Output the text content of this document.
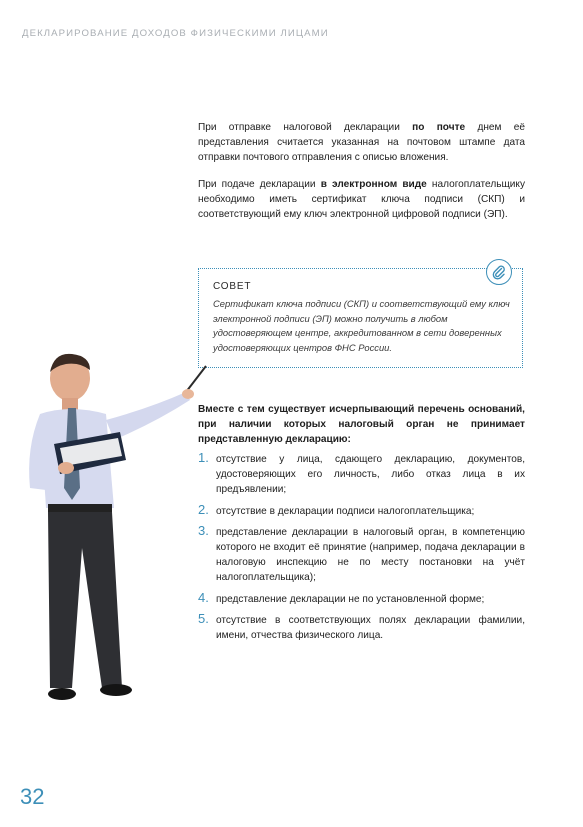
ДЕКЛАРИРОВАНИЕ ДОХОДОВ ФИЗИЧЕСКИМИ ЛИЦАМИ
При отправке налоговой декларации по почте днем её представления считается указанная на почтовом штампе дата отправки почтового отправления с описью вложения.
При подаче декларации в электронном виде налогоплательщику необходимо иметь сертификат ключа подписи (СКП) и соответствующий ему ключ электронной цифровой подписи (ЭП).
СОВЕТ
Сертификат ключа подписи (СКП) и соответствующий ему ключ электронной подписи (ЭП) можно получить в любом удостоверяющем центре, аккредитованном в сети доверенных удостоверяющих центров ФНС России.
Вместе с тем существует исчерпывающий перечень оснований, при наличии которых налоговый орган не принимает представленную декларацию:
1. отсутствие у лица, сдающего декларацию, документов, удостоверяющих его личность, либо отказ лица в их предъявлении;
2. отсутствие в декларации подписи налогоплательщика;
3. представление декларации в налоговый орган, в компетенцию которого не входит её принятие (например, подача декларации в налоговую инспекцию не по месту постановки на учёт налогоплательщика);
4. представление декларации не по установленной форме;
5. отсутствие в соответствующих полях декларации фамилии, имени, отчества физического лица.
32
